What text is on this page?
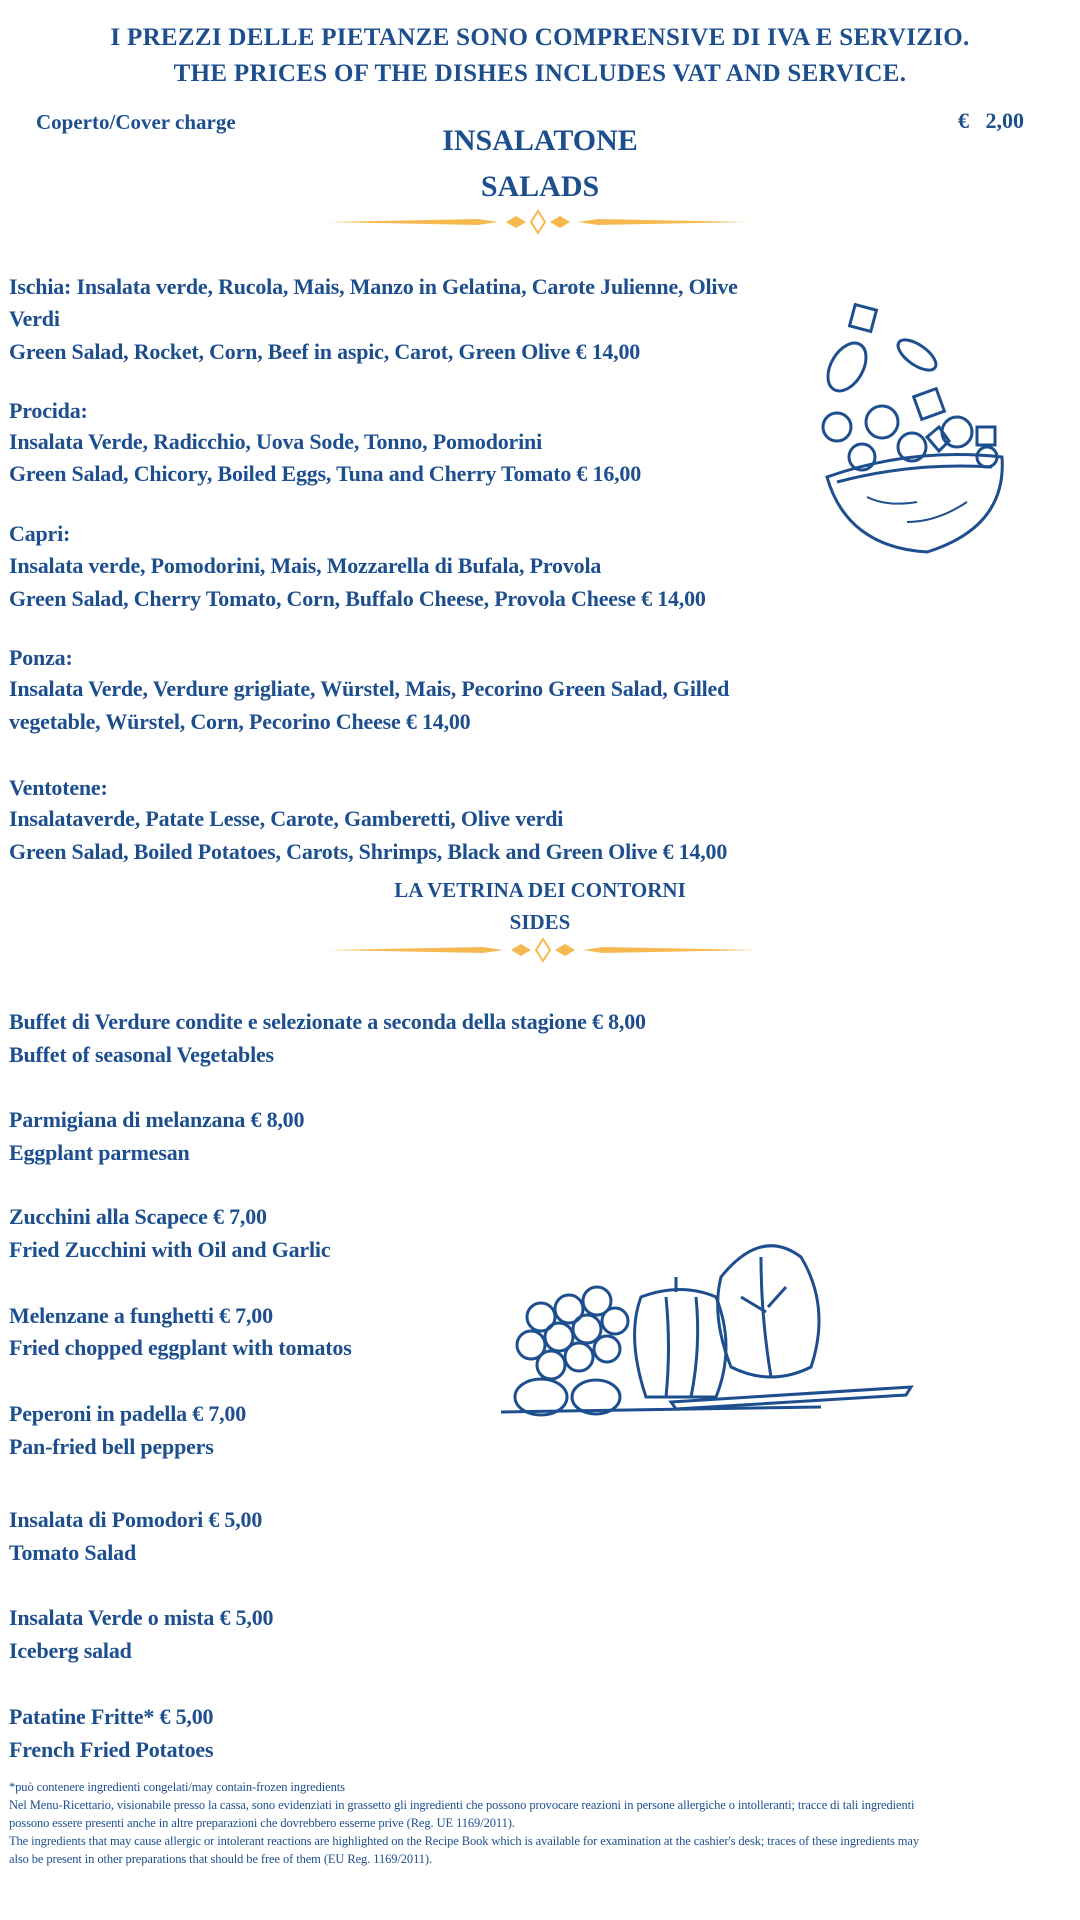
I PREZZI DELLE PIETANZE SONO COMPRENSIVE DI IVA E SERVIZIO.
THE PRICES OF THE DISHES INCLUDES VAT AND SERVICE.
Coperto/Cover charge	€   2,00
INSALATONE
SALADS
Ischia: Insalata verde, Rucola, Mais, Manzo in Gelatina, Carote Julienne, Olive
Verdi
Green Salad, Rocket, Corn, Beef in aspic, Carot, Green Olive € 14,00
Procida:
Insalata Verde, Radicchio, Uova Sode, Tonno, Pomodorini
Green Salad, Chicory, Boiled Eggs, Tuna and Cherry Tomato € 16,00
Capri:
Insalata verde, Pomodorini, Mais, Mozzarella di Bufala, Provola
Green Salad, Cherry Tomato, Corn, Buffalo Cheese, Provola Cheese € 14,00
Ponza:
Insalata Verde, Verdure grigliate, Würstel, Mais, Pecorino Green Salad, Gilled
vegetable, Würstel, Corn, Pecorino Cheese € 14,00
Ventotene:
Insalataverde, Patate Lesse, Carote, Gamberetti, Olive verdi
Green Salad, Boiled Potatoes, Carots, Shrimps, Black and Green Olive € 14,00
LA VETRINA DEI CONTORNI
SIDES
Buffet di Verdure condite e selezionate a seconda della stagione € 8,00
Buffet of seasonal Vegetables
Parmigiana di melanzana € 8,00
Eggplant parmesan
Zucchini alla Scapece € 7,00
Fried Zucchini with Oil and Garlic
Melenzane a funghetti € 7,00
Fried chopped eggplant with tomatos
Peperoni in padella € 7,00
Pan-fried bell peppers
Insalata di Pomodori € 5,00
Tomato Salad
Insalata Verde o mista € 5,00
Iceberg salad
Patatine Fritte* € 5,00
French Fried Potatoes
*può contenere ingredienti congelati/may contain-frozen ingredients
Nel Menu-Ricettario, visionabile presso la cassa, sono evidenziati in grassetto gli ingredienti che possono provocare reazioni in persone allergiche o intolleranti; tracce di tali ingredienti
possono essere presenti anche in altre preparazioni che dovrebbero esserne prive (Reg. UE 1169/2011).
The ingredients that may cause allergic or intolerant reactions are highlighted on the Recipe Book which is available for examination at the cashier's desk; traces of these ingredients may
also be present in other preparations that should be free of them (EU Reg. 1169/2011).
